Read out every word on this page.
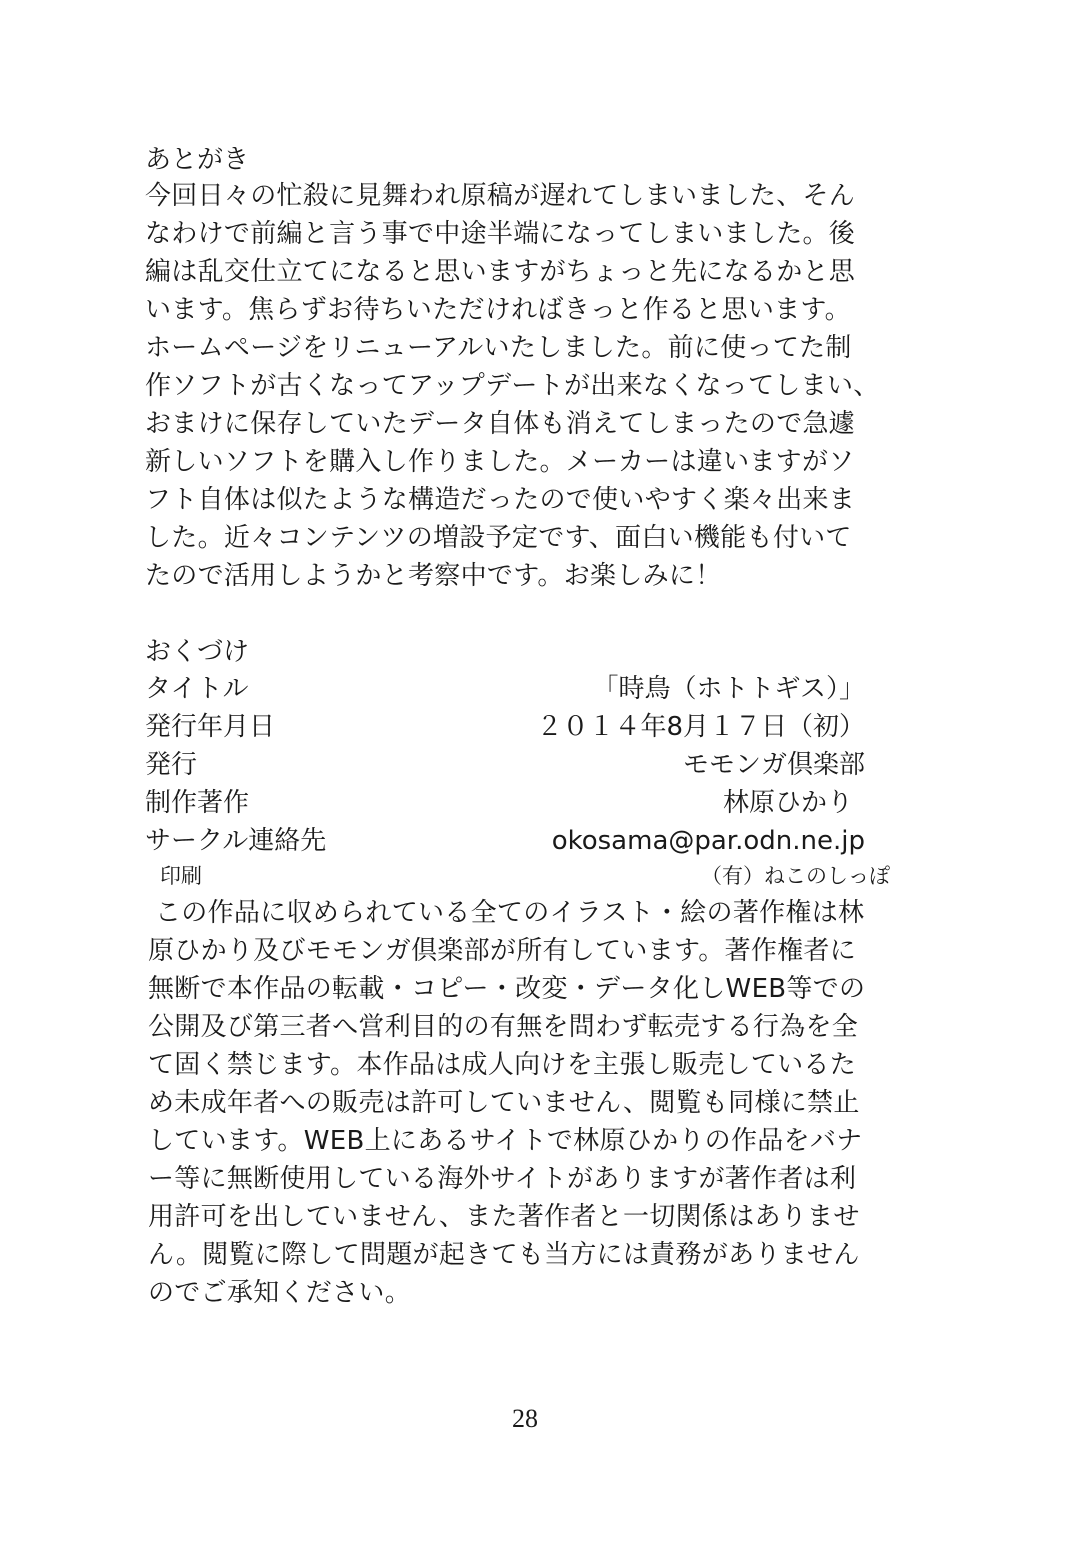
あとがき
今回日々の忙殺に見舞われ原稿が遅れてしまいました、そん
なわけで前編と言う事で中途半端になってしまいました。後
編は乱交仕立てになると思いますがちょっと先になるかと思
います。焦らずお待ちいただければきっと作ると思います。
ホームページをリニューアルいたしました。前に使ってた制
作ソフトが古くなってアップデートが出来なくなってしまい、
おまけに保存していたデータ自体も消えてしまったので急遽
新しいソフトを購入し作りました。メーカーは違いますがソ
フト自体は似たような構造だったので使いやすく楽々出来ま
した。近々コンテンツの増設予定です、面白い機能も付いて
たので活用しようかと考察中です。お楽しみに！
おくづけ
タイトル	「時鳥（ホトトギス）」
発行年月日	２０１４年8月１７日（初）
発行	モモンガ倶楽部
制作著作	林原ひかり
サークル連絡先	okosama@par.odn.ne.jp
印刷	（有）ねこのしっぽ
この作品に収められている全てのイラスト・絵の著作権は林
原ひかり及びモモンガ倶楽部が所有しています。著作権者に
無断で本作品の転載・コピー・改変・データ化しWEB等での
公開及び第三者へ営利目的の有無を問わず転売する行為を全
て固く禁じます。本作品は成人向けを主張し販売しているた
め未成年者への販売は許可していません、閲覧も同様に禁止
しています。WEB上にあるサイトで林原ひかりの作品をバナ
ー等に無断使用している海外サイトがありますが著作者は利
用許可を出していません、また著作者と一切関係はありませ
ん。閲覧に際して問題が起きても当方には責務がありません
のでご承知ください。
28
